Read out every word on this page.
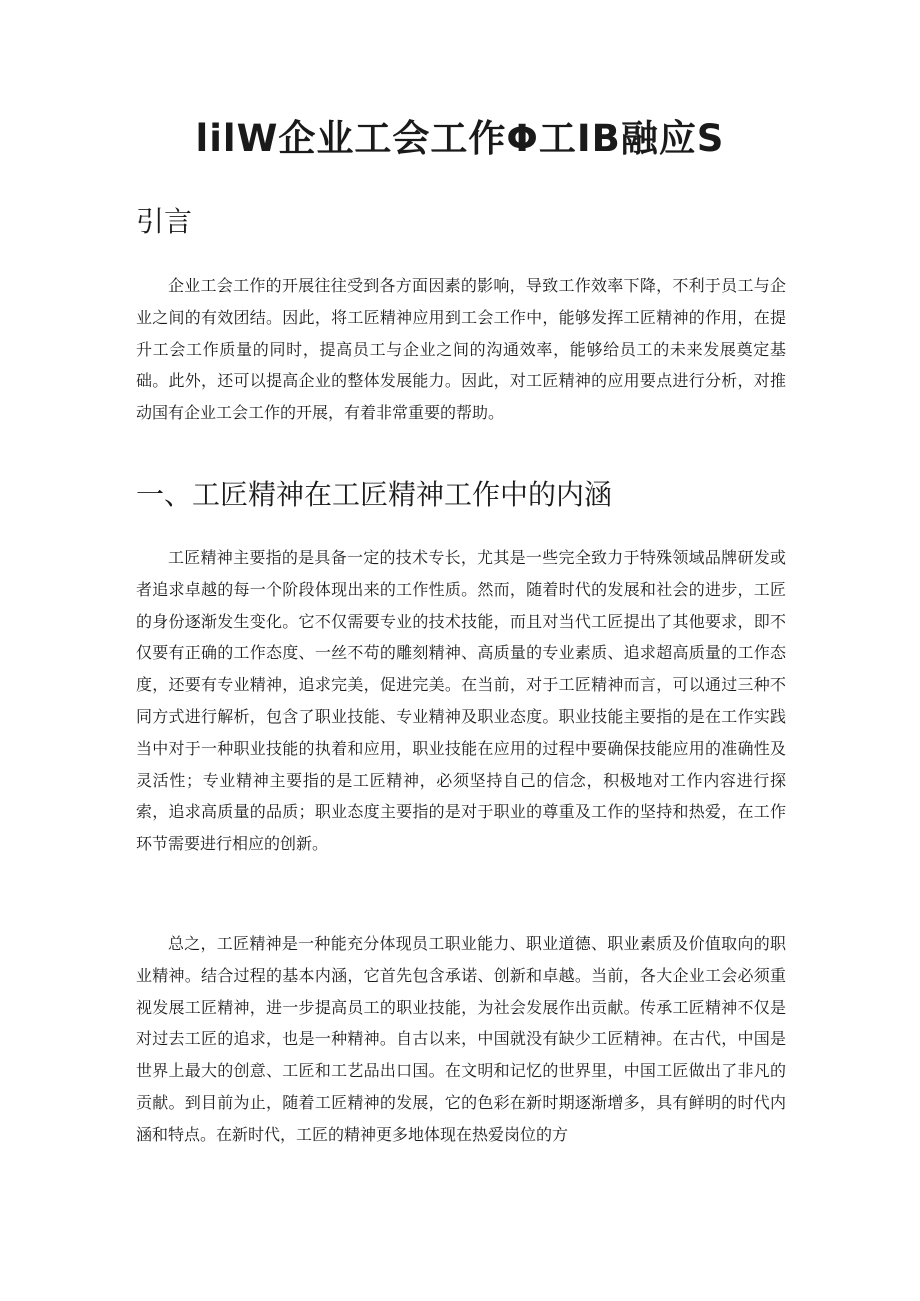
lilW企业工会工作Φ工IB融应S
引言

企业工会工作的开展往往受到各方面因素的影响，导致工作效率下降，不利于员工与企业之间的有效团结。因此，将工匠精神应用到工会工作中，能够发挥工匠精神的作用，在提升工会工作质量的同时，提高员工与企业之间的沟通效率，能够给员工的未来发展奠定基础。此外，还可以提高企业的整体发展能力。因此，对工匠精神的应用要点进行分析，对推动国有企业工会工作的开展，有着非常重要的帮助。

一、工匠精神在工匠精神工作中的内涵

工匠精神主要指的是具备一定的技术专长，尤其是一些完全致力于特殊领域品牌研发或者追求卓越的每一个阶段体现出来的工作性质。然而，随着时代的发展和社会的进步，工匠的身份逐渐发生变化。它不仅需要专业的技术技能，而且对当代工匠提出了其他要求，即不仅要有正确的工作态度、一丝不苟的雕刻精神、高质量的专业素质、追求超高质量的工作态度，还要有专业精神，追求完美，促进完美。在当前，对于工匠精神而言，可以通过三种不同方式进行解析，包含了职业技能、专业精神及职业态度。职业技能主要指的是在工作实践当中对于一种职业技能的执着和应用，职业技能在应用的过程中要确保技能应用的准确性及灵活性；专业精神主要指的是工匠精神，必须坚持自己的信念，积极地对工作内容进行探索，追求高质量的品质；职业态度主要指的是对于职业的尊重及工作的坚持和热爱，在工作环节需要进行相应的创新。

总之，工匠精神是一种能充分体现员工职业能力、职业道德、职业素质及价值取向的职业精神。结合过程的基本内涵，它首先包含承诺、创新和卓越。当前，各大企业工会必须重视发展工匠精神，进一步提高员工的职业技能，为社会发展作出贡献。传承工匠精神不仅是对过去工匠的追求，也是一种精神。自古以来，中国就没有缺少工匠精神。在古代，中国是世界上最大的创意、工匠和工艺品出口国。在文明和记忆的世界里，中国工匠做出了非凡的贡献。到目前为止，随着工匠精神的发展，它的色彩在新时期逐渐增多，具有鲜明的时代内涵和特点。在新时代，工匠的精神更多地体现在热爱岗位的方
